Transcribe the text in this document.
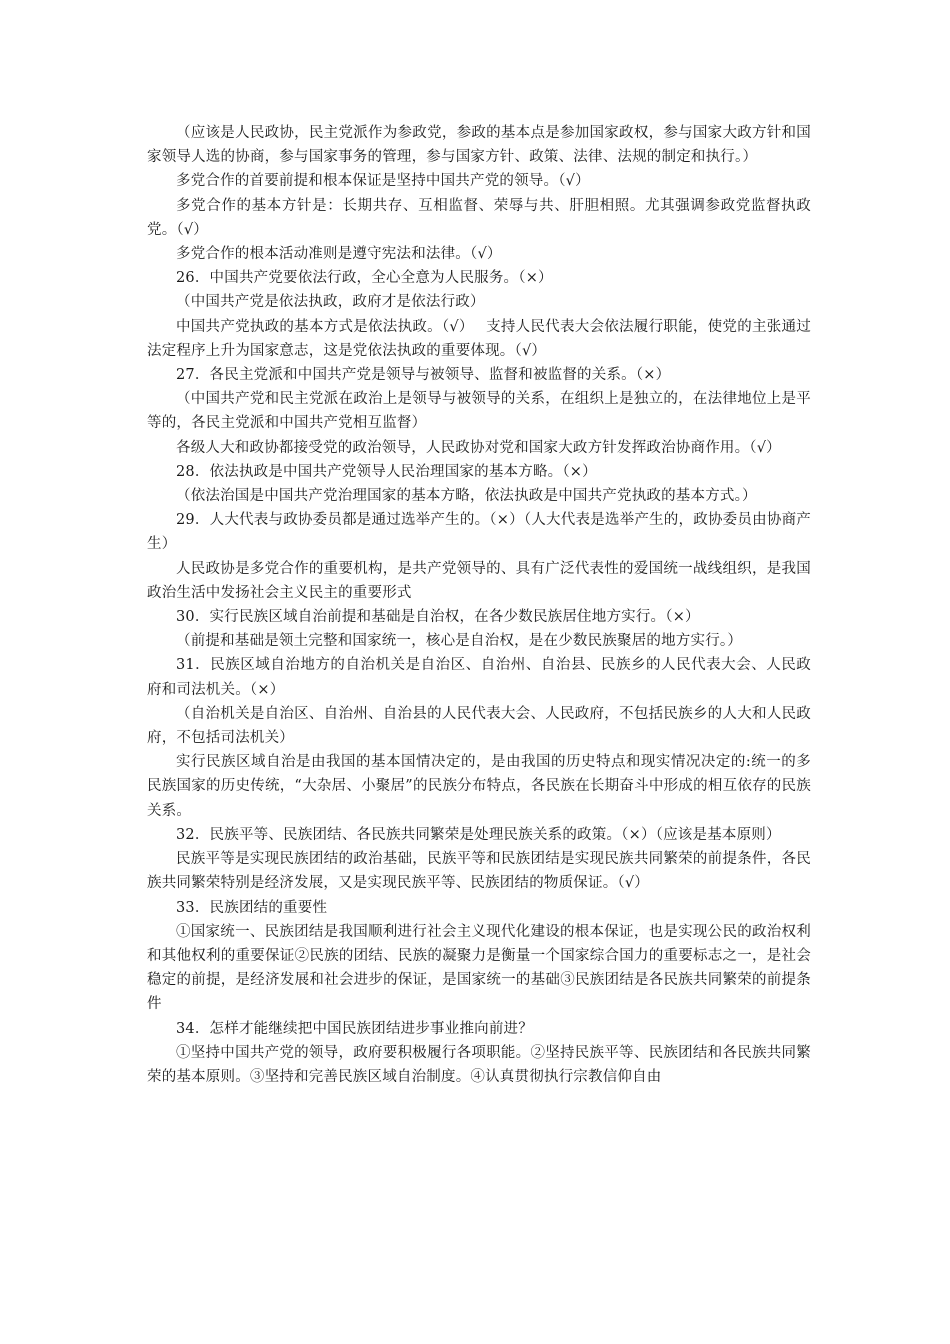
（应该是人民政协，民主党派作为参政党，参政的基本点是参加国家政权，参与国家大政方针和国家领导人选的协商，参与国家事务的管理，参与国家方针、政策、法律、法规的制定和执行。）

多党合作的首要前提和根本保证是坚持中国共产党的领导。（√）

多党合作的基本方针是：长期共存、互相监督、荣辱与共、肝胆相照。尤其强调参政党监督执政党。（√）

多党合作的根本活动准则是遵守宪法和法律。（√）

26．中国共产党要依法行政，全心全意为人民服务。（×）

（中国共产党是依法执政，政府才是依法行政）

中国共产党执政的基本方式是依法执政。（√）　 支持人民代表大会依法履行职能，使党的主张通过法定程序上升为国家意志，这是党依法执政的重要体现。（√）

27．各民主党派和中国共产党是领导与被领导、监督和被监督的关系。（×）

（中国共产党和民主党派在政治上是领导与被领导的关系，在组织上是独立的，在法律地位上是平等的，各民主党派和中国共产党相互监督）

各级人大和政协都接受党的政治领导，人民政协对党和国家大政方针发挥政治协商作用。（√）

28．依法执政是中国共产党领导人民治理国家的基本方略。（×）

（依法治国是中国共产党治理国家的基本方略，依法执政是中国共产党执政的基本方式。）

29．人大代表与政协委员都是通过选举产生的。（×）（人大代表是选举产生的，政协委员由协商产生）

人民政协是多党合作的重要机构，是共产党领导的、具有广泛代表性的爱国统一战线组织，是我国政治生活中发扬社会主义民主的重要形式

30．实行民族区域自治前提和基础是自治权，在各少数民族居住地方实行。（×）

（前提和基础是领土完整和国家统一，核心是自治权，是在少数民族聚居的地方实行。）

31．民族区域自治地方的自治机关是自治区、自治州、自治县、民族乡的人民代表大会、人民政府和司法机关。（×）

（自治机关是自治区、自治州、自治县的人民代表大会、人民政府，不包括民族乡的人大和人民政府，不包括司法机关）

实行民族区域自治是由我国的基本国情决定的，是由我国的历史特点和现实情况决定的:统一的多民族国家的历史传统，“大杂居、小聚居”的民族分布特点，各民族在长期奋斗中形成的相互依存的民族关系。

32．民族平等、民族团结、各民族共同繁荣是处理民族关系的政策。（×）（应该是基本原则）

民族平等是实现民族团结的政治基础，民族平等和民族团结是实现民族共同繁荣的前提条件，各民族共同繁荣特别是经济发展，又是实现民族平等、民族团结的物质保证。（√）

33．民族团结的重要性

①国家统一、民族团结是我国顺利进行社会主义现代化建设的根本保证，也是实现公民的政治权利和其他权利的重要保证②民族的团结、民族的凝聚力是衡量一个国家综合国力的重要标志之一，是社会稳定的前提，是经济发展和社会进步的保证，是国家统一的基础③民族团结是各民族共同繁荣的前提条件

34．怎样才能继续把中国民族团结进步事业推向前进？

①坚持中国共产党的领导，政府要积极履行各项职能。②坚持民族平等、民族团结和各民族共同繁荣的基本原则。③坚持和完善民族区域自治制度。④认真贯彻执行宗教信仰自由
